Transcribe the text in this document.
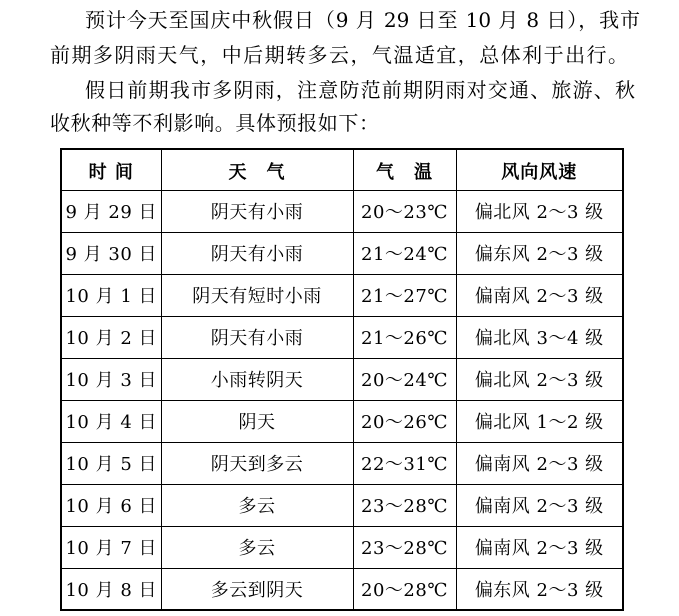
预计今天至国庆中秋假日（9 月 29 日至 10 月 8 日），我市

前期多阴雨天气，中后期转多云，气温适宜，总体利于出行。

假日前期我市多阴雨，注意防范前期阴雨对交通、旅游、秋

收秋种等不利影响。具体预报如下：

时 间	天　气	气　温	风向风速
9 月 29 日	阴天有小雨	20～23℃	偏北风 2～3 级
9 月 30 日	阴天有小雨	21～24℃	偏东风 2～3 级
10 月 1 日	阴天有短时小雨	21～27℃	偏南风 2～3 级
10 月 2 日	阴天有小雨	21～26℃	偏北风 3～4 级
10 月 3 日	小雨转阴天	20～24℃	偏北风 2～3 级
10 月 4 日	阴天	20～26℃	偏北风 1～2 级
10 月 5 日	阴天到多云	22～31℃	偏南风 2～3 级
10 月 6 日	多云	23～28℃	偏南风 2～3 级
10 月 7 日	多云	23～28℃	偏南风 2～3 级
10 月 8 日	多云到阴天	20～28℃	偏东风 2～3 级
